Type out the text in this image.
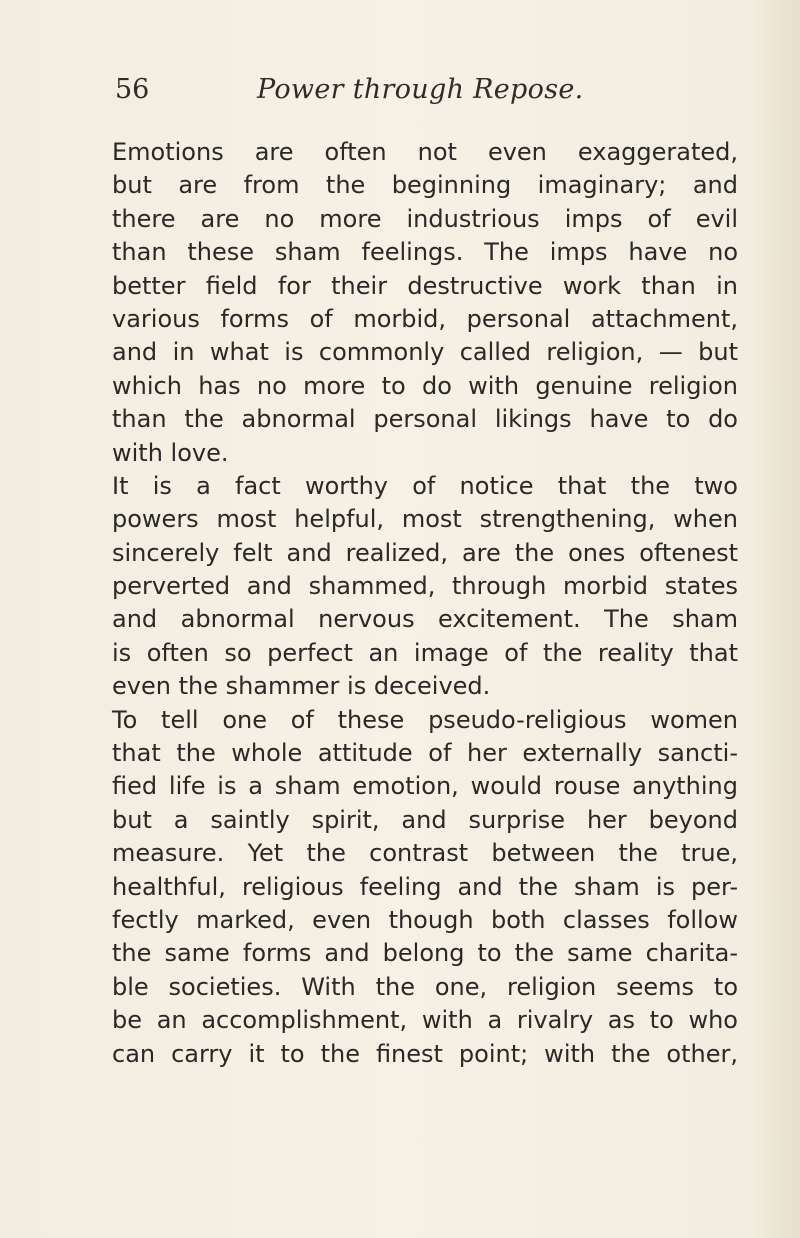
56	Power through Repose.
Emotions are often not even exaggerated,
but are from the beginning imaginary; and
there are no more industrious imps of evil
than these sham feelings. The imps have no
better field for their destructive work than in
various forms of morbid, personal attachment,
and in what is commonly called religion, — but
which has no more to do with genuine religion
than the abnormal personal likings have to do
with love.
It is a fact worthy of notice that the two
powers most helpful, most strengthening, when
sincerely felt and realized, are the ones oftenest
perverted and shammed, through morbid states
and abnormal nervous excitement. The sham
is often so perfect an image of the reality that
even the shammer is deceived.
To tell one of these pseudo-religious women
that the whole attitude of her externally sancti-
fied life is a sham emotion, would rouse anything
but a saintly spirit, and surprise her beyond
measure. Yet the contrast between the true,
healthful, religious feeling and the sham is per-
fectly marked, even though both classes follow
the same forms and belong to the same charita-
ble societies. With the one, religion seems to
be an accomplishment, with a rivalry as to who
can carry it to the finest point; with the other,
